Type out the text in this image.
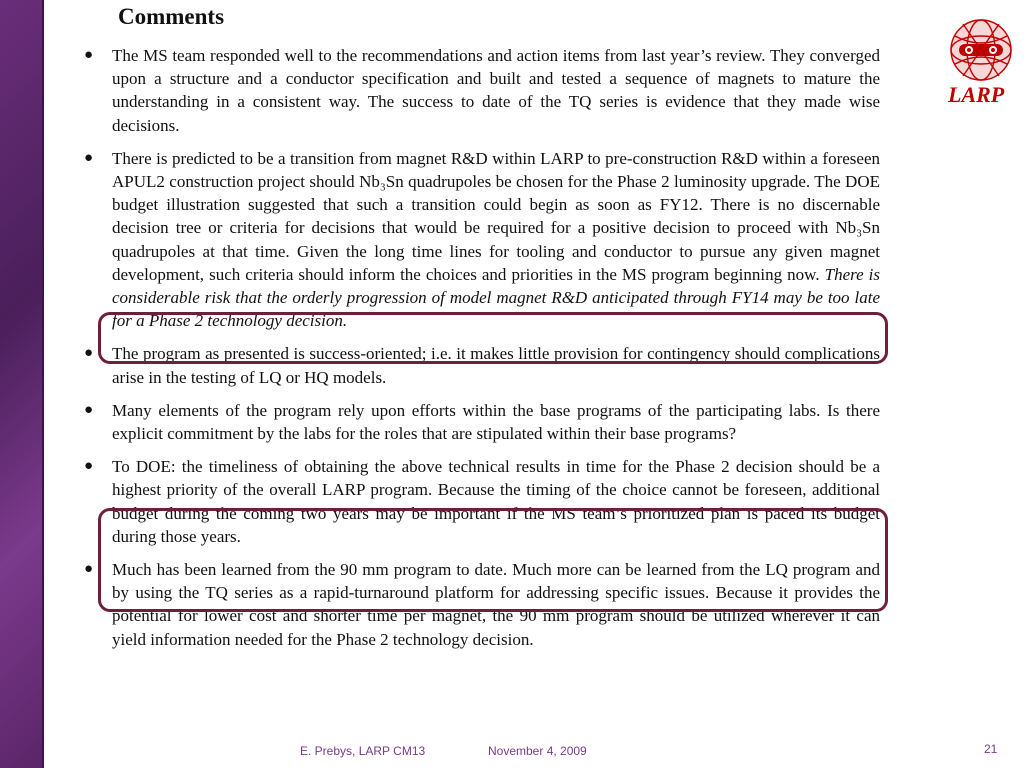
Comments
LARP
● The MS team responded well to the recommendations and action items from last year’s review. They converged upon a structure and a conductor specification and built and tested a sequence of magnets to mature the understanding in a consistent way. The success to date of the TQ series is evidence that they made wise decisions.
● There is predicted to be a transition from magnet R&D within LARP to pre-construction R&D within a foreseen APUL2 construction project should Nb₃Sn quadrupoles be chosen for the Phase 2 luminosity upgrade. The DOE budget illustration suggested that such a transition could begin as soon as FY12. There is no discernable decision tree or criteria for decisions that would be required for a positive decision to proceed with Nb₃Sn quadrupoles at that time. Given the long time lines for tooling and conductor to pursue any given magnet development, such criteria should inform the choices and priorities in the MS program beginning now. There is considerable risk that the orderly progression of model magnet R&D anticipated through FY14 may be too late for a Phase 2 technology decision.
● The program as presented is success-oriented; i.e. it makes little provision for contingency should complications arise in the testing of LQ or HQ models.
● Many elements of the program rely upon efforts within the base programs of the participating labs. Is there explicit commitment by the labs for the roles that are stipulated within their base programs?
● To DOE: the timeliness of obtaining the above technical results in time for the Phase 2 decision should be a highest priority of the overall LARP program. Because the timing of the choice cannot be foreseen, additional budget during the coming two years may be important if the MS team’s prioritized plan is paced its budget during those years.
● Much has been learned from the 90 mm program to date. Much more can be learned from the LQ program and by using the TQ series as a rapid-turnaround platform for addressing specific issues. Because it provides the potential for lower cost and shorter time per magnet, the 90 mm program should be utilized wherever it can yield information needed for the Phase 2 technology decision.
E. Prebys, LARP CM13	November 4, 2009	21
